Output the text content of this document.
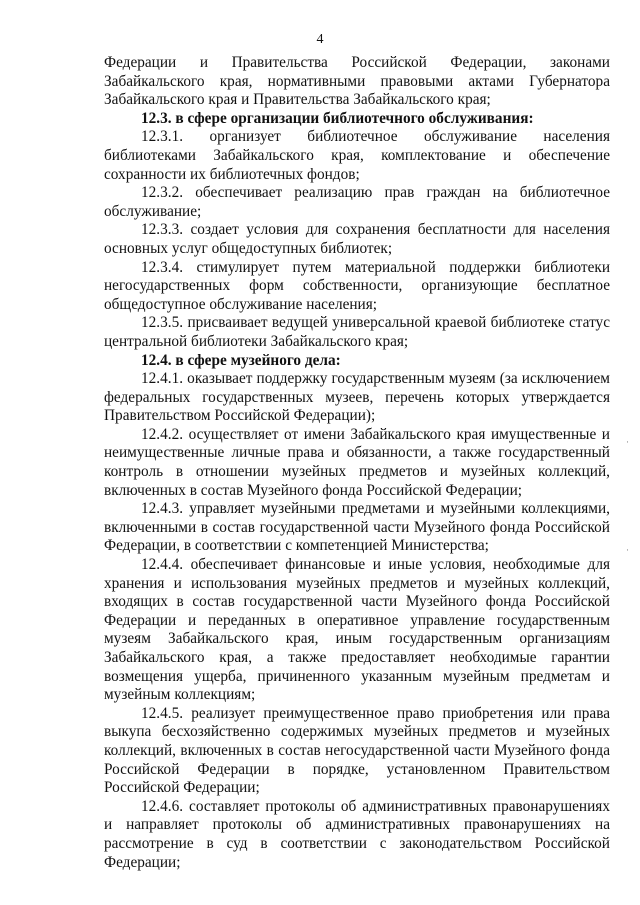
4

Федерации и Правительства Российской Федерации, законами Забайкальского края, нормативными правовыми актами Губернатора Забайкальского края и Правительства Забайкальского края;

12.3. в сфере организации библиотечного обслуживания:

12.3.1. организует библиотечное обслуживание населения библиотеками Забайкальского края, комплектование и обеспечение сохранности их библиотечных фондов;

12.3.2. обеспечивает реализацию прав граждан на библиотечное обслуживание;

12.3.3. создает условия для сохранения бесплатности для населения основных услуг общедоступных библиотек;

12.3.4. стимулирует путем материальной поддержки библиотеки негосударственных форм собственности, организующие бесплатное общедоступное обслуживание населения;

12.3.5. присваивает ведущей универсальной краевой библиотеке статус центральной библиотеки Забайкальского края;

12.4. в сфере музейного дела:

12.4.1. оказывает поддержку государственным музеям (за исключением федеральных государственных музеев, перечень которых утверждается Правительством Российской Федерации);

12.4.2. осуществляет от имени Забайкальского края имущественные и неимущественные личные права и обязанности, а также государственный контроль в отношении музейных предметов и музейных коллекций, включенных в состав Музейного фонда Российской Федерации;

12.4.3. управляет музейными предметами и музейными коллекциями, включенными в состав государственной части Музейного фонда Российской Федерации, в соответствии с компетенцией Министерства;

12.4.4. обеспечивает финансовые и иные условия, необходимые для хранения и использования музейных предметов и музейных коллекций, входящих в состав государственной части Музейного фонда Российской Федерации и переданных в оперативное управление государственным музеям Забайкальского края, иным государственным организациям Забайкальского края, а также предоставляет необходимые гарантии возмещения ущерба, причиненного указанным музейным предметам и музейным коллекциям;

12.4.5. реализует преимущественное право приобретения или права выкупа бесхозяйственно содержимых музейных предметов и музейных коллекций, включенных в состав негосударственной части Музейного фонда Российской Федерации в порядке, установленном Правительством Российской Федерации;

12.4.6. составляет протоколы об административных правонарушениях и направляет протоколы об административных правонарушениях на рассмотрение в суд в соответствии с законодательством Российской Федерации;

·
·
